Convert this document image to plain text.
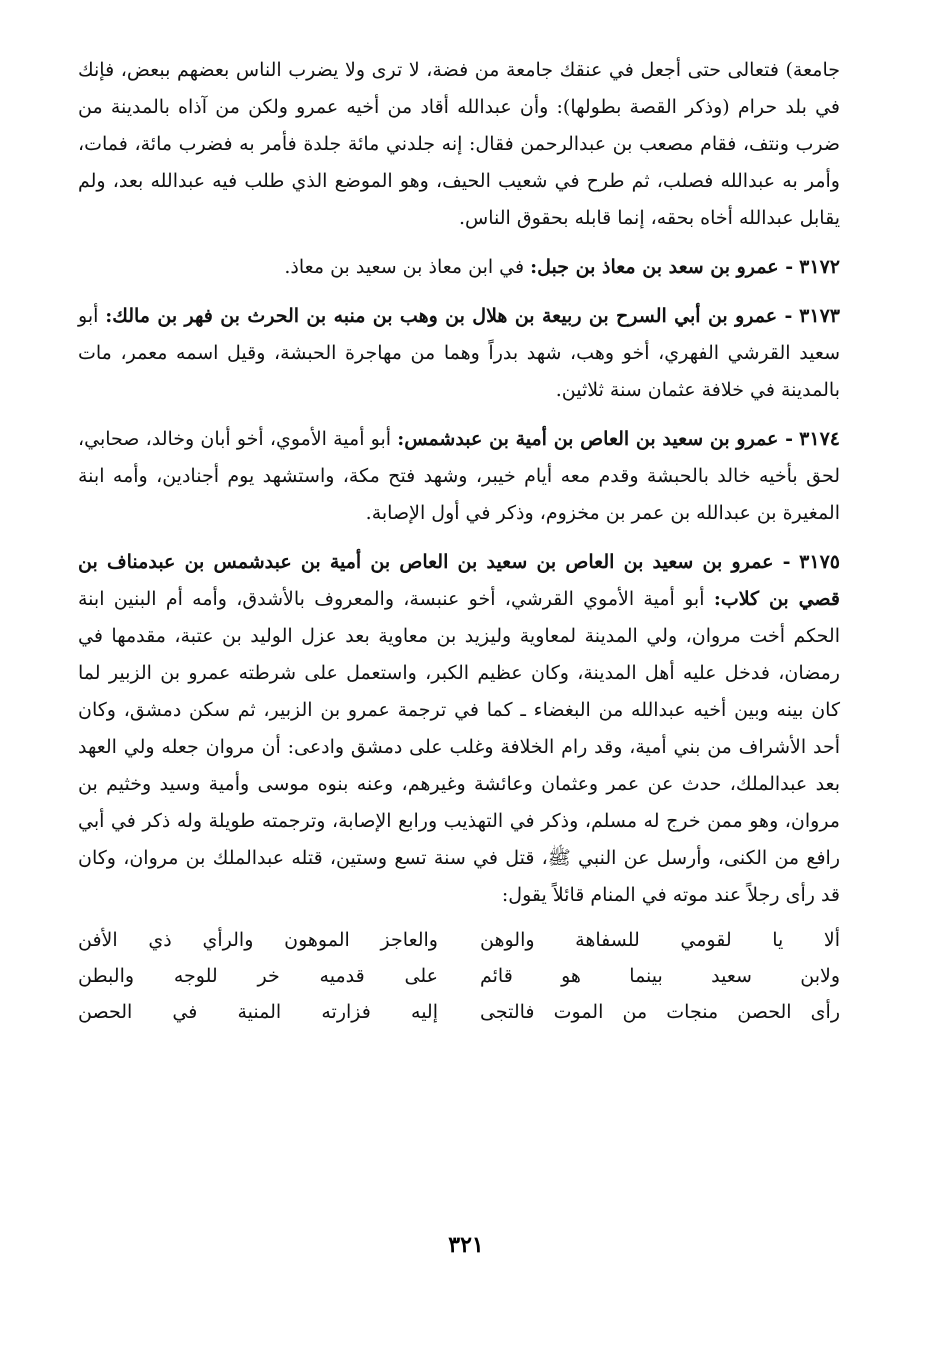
جامعة) فتعالى حتى أجعل في عنقك جامعة من فضة، لا ترى ولا يضرب الناس بعضهم ببعض، فإنك في بلد حرام (وذكر القصة بطولها): وأن عبدالله أقاد من أخيه عمرو ولكن من آذاه بالمدينة من ضرب ونتف، فقام مصعب بن عبدالرحمن فقال: إنه جلدني مائة جلدة فأمر به فضرب مائة، فمات، وأمر به عبدالله فصلب، ثم طرح في شعيب الحيف، وهو الموضع الذي طلب فيه عبدالله بعد، ولم يقابل عبدالله أخاه بحقه، إنما قابله بحقوق الناس.

٣١٧٢ - عمرو بن سعد بن معاذ بن جبل: في ابن معاذ بن سعيد بن معاذ.

٣١٧٣ - عمرو بن أبي السرح بن ربيعة بن هلال بن وهب بن منبه بن الحرث بن فهر بن مالك: أبو سعيد القرشي الفهري، أخو وهب، شهد بدراً وهما من مهاجرة الحبشة، وقيل اسمه معمر، مات بالمدينة في خلافة عثمان سنة ثلاثين.

٣١٧٤ - عمرو بن سعيد بن العاص بن أمية بن عبدشمس: أبو أمية الأموي، أخو أبان وخالد، صحابي، لحق بأخيه خالد بالحبشة وقدم معه أيام خيبر، وشهد فتح مكة، واستشهد يوم أجنادين، وأمه ابنة المغيرة بن عبدالله بن عمر بن مخزوم، وذكر في أول الإصابة.

٣١٧٥ - عمرو بن سعيد بن العاص بن سعيد بن العاص بن أمية بن عبدشمس بن عبدمناف بن قصي بن كلاب: أبو أمية الأموي القرشي، أخو عنبسة، والمعروف بالأشدق، وأمه أم البنين ابنة الحكم أخت مروان، ولي المدينة لمعاوية وليزيد بن معاوية بعد عزل الوليد بن عتبة، مقدمها في رمضان، فدخل عليه أهل المدينة، وكان عظيم الكبر، واستعمل على شرطته عمرو بن الزبير لما كان بينه وبين أخيه عبدالله من البغضاء ـ كما في ترجمة عمرو بن الزبير، ثم سكن دمشق، وكان أحد الأشراف من بني أمية، وقد رام الخلافة وغلب على دمشق وادعى: أن مروان جعله ولي العهد بعد عبدالملك، حدث عن عمر وعثمان وعائشة وغيرهم، وعنه بنوه موسى وأمية وسيد وخثيم بن مروان، وهو ممن خرج له مسلم، وذكر في التهذيب ورابع الإصابة، وترجمته طويلة وله ذكر في أبي رافع من الكنى، وأرسل عن النبي ﷺ، قتل في سنة تسع وستين، قتله عبدالملك بن مروان، وكان قد رأى رجلاً عند موته في المنام قائلاً يقول:

ألا يا لقومي للسفاهة والوهن

ولابن سعيد بينما هو قائم

رأى الحصن منجات من الموت فالتجى

والعاجز الموهون والرأي ذي الأفن

على قدميه خر للوجه والبطن

إليه فزارته المنية في الحصن

٣٢١
